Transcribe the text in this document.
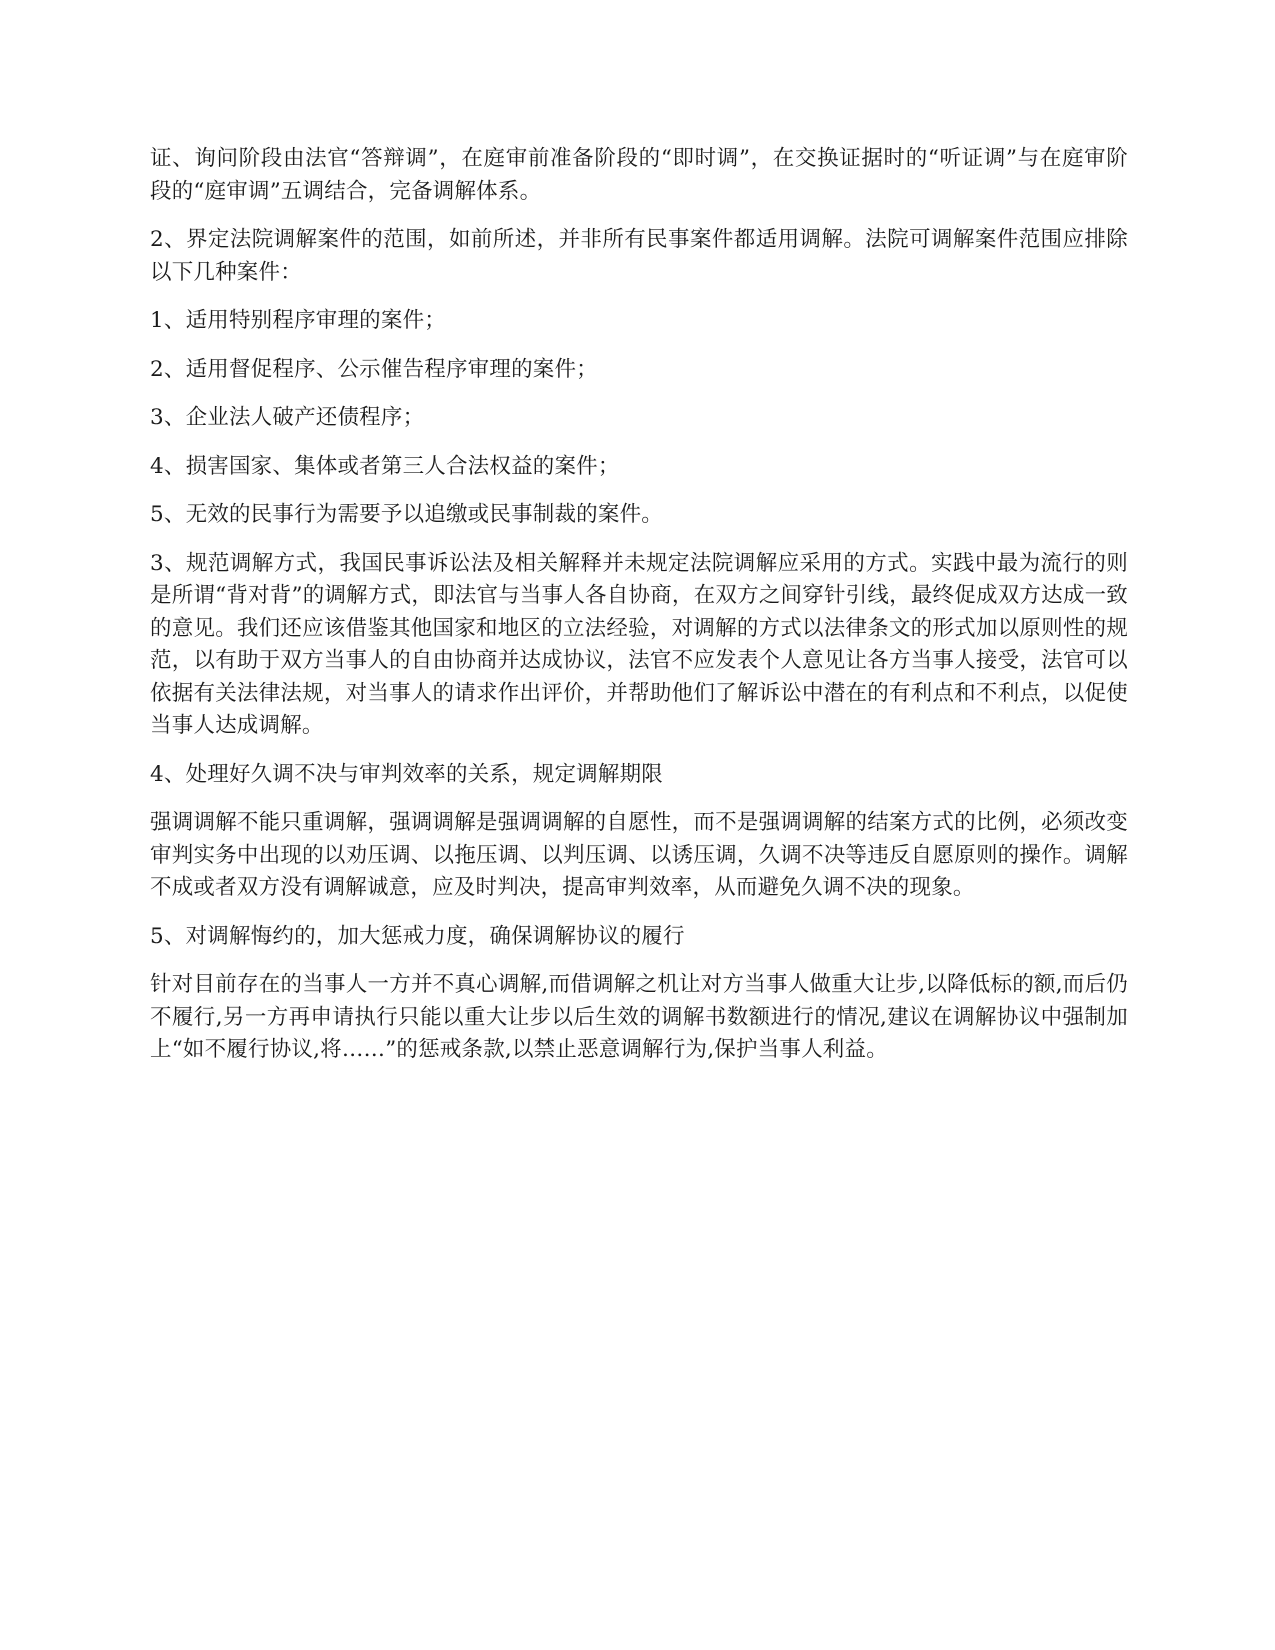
证、询问阶段由法官“答辩调”，在庭审前准备阶段的“即时调”，在交换证据时的“听证调”与在庭审阶段的“庭审调”五调结合，完备调解体系。

2、界定法院调解案件的范围，如前所述，并非所有民事案件都适用调解。法院可调解案件范围应排除以下几种案件：

1、适用特别程序审理的案件；

2、适用督促程序、公示催告程序审理的案件；

3、企业法人破产还债程序；

4、损害国家、集体或者第三人合法权益的案件；

5、无效的民事行为需要予以追缴或民事制裁的案件。

3、规范调解方式，我国民事诉讼法及相关解释并未规定法院调解应采用的方式。实践中最为流行的则是所谓“背对背”的调解方式，即法官与当事人各自协商，在双方之间穿针引线，最终促成双方达成一致的意见。我们还应该借鉴其他国家和地区的立法经验，对调解的方式以法律条文的形式加以原则性的规范，以有助于双方当事人的自由协商并达成协议，法官不应发表个人意见让各方当事人接受，法官可以依据有关法律法规，对当事人的请求作出评价，并帮助他们了解诉讼中潜在的有利点和不利点，以促使当事人达成调解。

4、处理好久调不决与审判效率的关系，规定调解期限

强调调解不能只重调解，强调调解是强调调解的自愿性，而不是强调调解的结案方式的比例，必须改变审判实务中出现的以劝压调、以拖压调、以判压调、以诱压调，久调不决等违反自愿原则的操作。调解不成或者双方没有调解诚意，应及时判决，提高审判效率，从而避免久调不决的现象。

5、对调解悔约的，加大惩戒力度，确保调解协议的履行

针对目前存在的当事人一方并不真心调解,而借调解之机让对方当事人做重大让步,以降低标的额,而后仍不履行,另一方再申请执行只能以重大让步以后生效的调解书数额进行的情况,建议在调解协议中强制加上“如不履行协议,将……”的惩戒条款,以禁止恶意调解行为,保护当事人利益。
